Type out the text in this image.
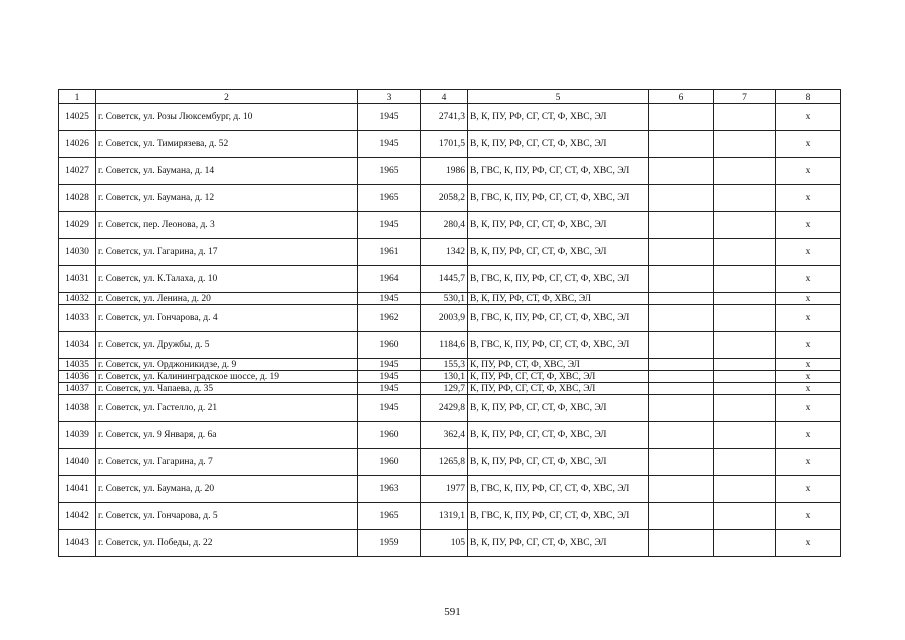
1	2	3	4	5	6	7	8
14025	г. Советск, ул. Розы Люксембург, д. 10	1945	2741,3	В, К, ПУ, РФ, СГ, СТ, Ф, ХВС, ЭЛ			х
14026	г. Советск, ул. Тимирязева, д. 52	1945	1701,5	В, К, ПУ, РФ, СГ, СТ, Ф, ХВС, ЭЛ			х
14027	г. Советск, ул. Баумана, д. 14	1965	1986	В, ГВС, К, ПУ, РФ, СГ, СТ, Ф, ХВС, ЭЛ			х
14028	г. Советск, ул. Баумана, д. 12	1965	2058,2	В, ГВС, К, ПУ, РФ, СГ, СТ, Ф, ХВС, ЭЛ			х
14029	г. Советск, пер. Леонова, д. 3	1945	280,4	В, К, ПУ, РФ, СГ, СТ, Ф, ХВС, ЭЛ			х
14030	г. Советск, ул. Гагарина, д. 17	1961	1342	В, К, ПУ, РФ, СГ, СТ, Ф, ХВС, ЭЛ			х
14031	г. Советск, ул. К.Талаха, д. 10	1964	1445,7	В, ГВС, К, ПУ, РФ, СГ, СТ, Ф, ХВС, ЭЛ			х
14032	г. Советск, ул. Ленина, д. 20	1945	530,1	В, К, ПУ, РФ, СТ, Ф, ХВС, ЭЛ			х
14033	г. Советск, ул. Гончарова, д. 4	1962	2003,9	В, ГВС, К, ПУ, РФ, СГ, СТ, Ф, ХВС, ЭЛ			х
14034	г. Советск, ул. Дружбы, д. 5	1960	1184,6	В, ГВС, К, ПУ, РФ, СГ, СТ, Ф, ХВС, ЭЛ			х
14035	г. Советск, ул. Орджоникидзе, д. 9	1945	155,3	К, ПУ, РФ, СТ, Ф, ХВС, ЭЛ			х
14036	г. Советск, ул. Калининградское шоссе, д. 19	1945	130,1	К, ПУ, РФ, СГ, СТ, Ф, ХВС, ЭЛ			х
14037	г. Советск, ул. Чапаева, д. 35	1945	129,7	К, ПУ, РФ, СГ, СТ, Ф, ХВС, ЭЛ			х
14038	г. Советск, ул. Гастелло, д. 21	1945	2429,8	В, К, ПУ, РФ, СГ, СТ, Ф, ХВС, ЭЛ			х
14039	г. Советск, ул. 9 Января, д. 6а	1960	362,4	В, К, ПУ, РФ, СГ, СТ, Ф, ХВС, ЭЛ			х
14040	г. Советск, ул. Гагарина, д. 7	1960	1265,8	В, К, ПУ, РФ, СГ, СТ, Ф, ХВС, ЭЛ			х
14041	г. Советск, ул. Баумана, д. 20	1963	1977	В, ГВС, К, ПУ, РФ, СГ, СТ, Ф, ХВС, ЭЛ			х
14042	г. Советск, ул. Гончарова, д. 5	1965	1319,1	В, ГВС, К, ПУ, РФ, СГ, СТ, Ф, ХВС, ЭЛ			х
14043	г. Советск, ул. Победы, д. 22	1959	105	В, К, ПУ, РФ, СГ, СТ, Ф, ХВС, ЭЛ			х
591
